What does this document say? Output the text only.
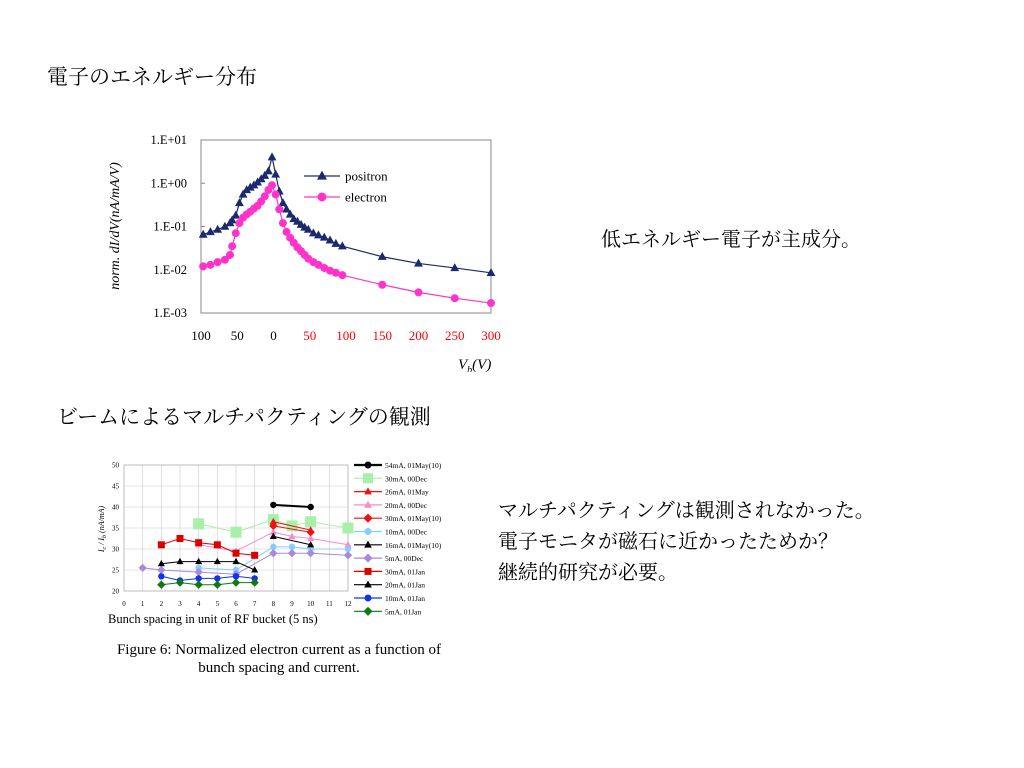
電子のエネルギー分布
1.E+01
1.E+00
1.E-01
1.E-02
1.E-03
100 50 0 50 100 150 200 250 300
positron
electron
norm. dI/dV(nA/mA/V)
$V_b(V)$
低エネルギー電子が主成分。
ビームによるマルチパクティングの観測
20
25
30
35
40
45
50
0 1 2 3 4 5 6 7 8 9 10 11 12
54mA, 01May(10)
30mA, 00Dec
26mA, 01May
20mA, 00Dec
30mA, 01May(10)
10mA, 00Dec
16mA, 01May(10)
5mA, 00Dec
30mA, 01Jan
20mA, 01Jan
10mA, 01Jan
5mA, 01Jan
$I_c / I_b$ (nA/mA)
Bunch spacing in unit of RF bucket (5 ns)
Figure 6: Normalized electron current as a function of
bunch spacing and current.
マルチパクティングは観測されなかった。
電子モニタが磁石に近かったためか？
継続的研究が必要。
